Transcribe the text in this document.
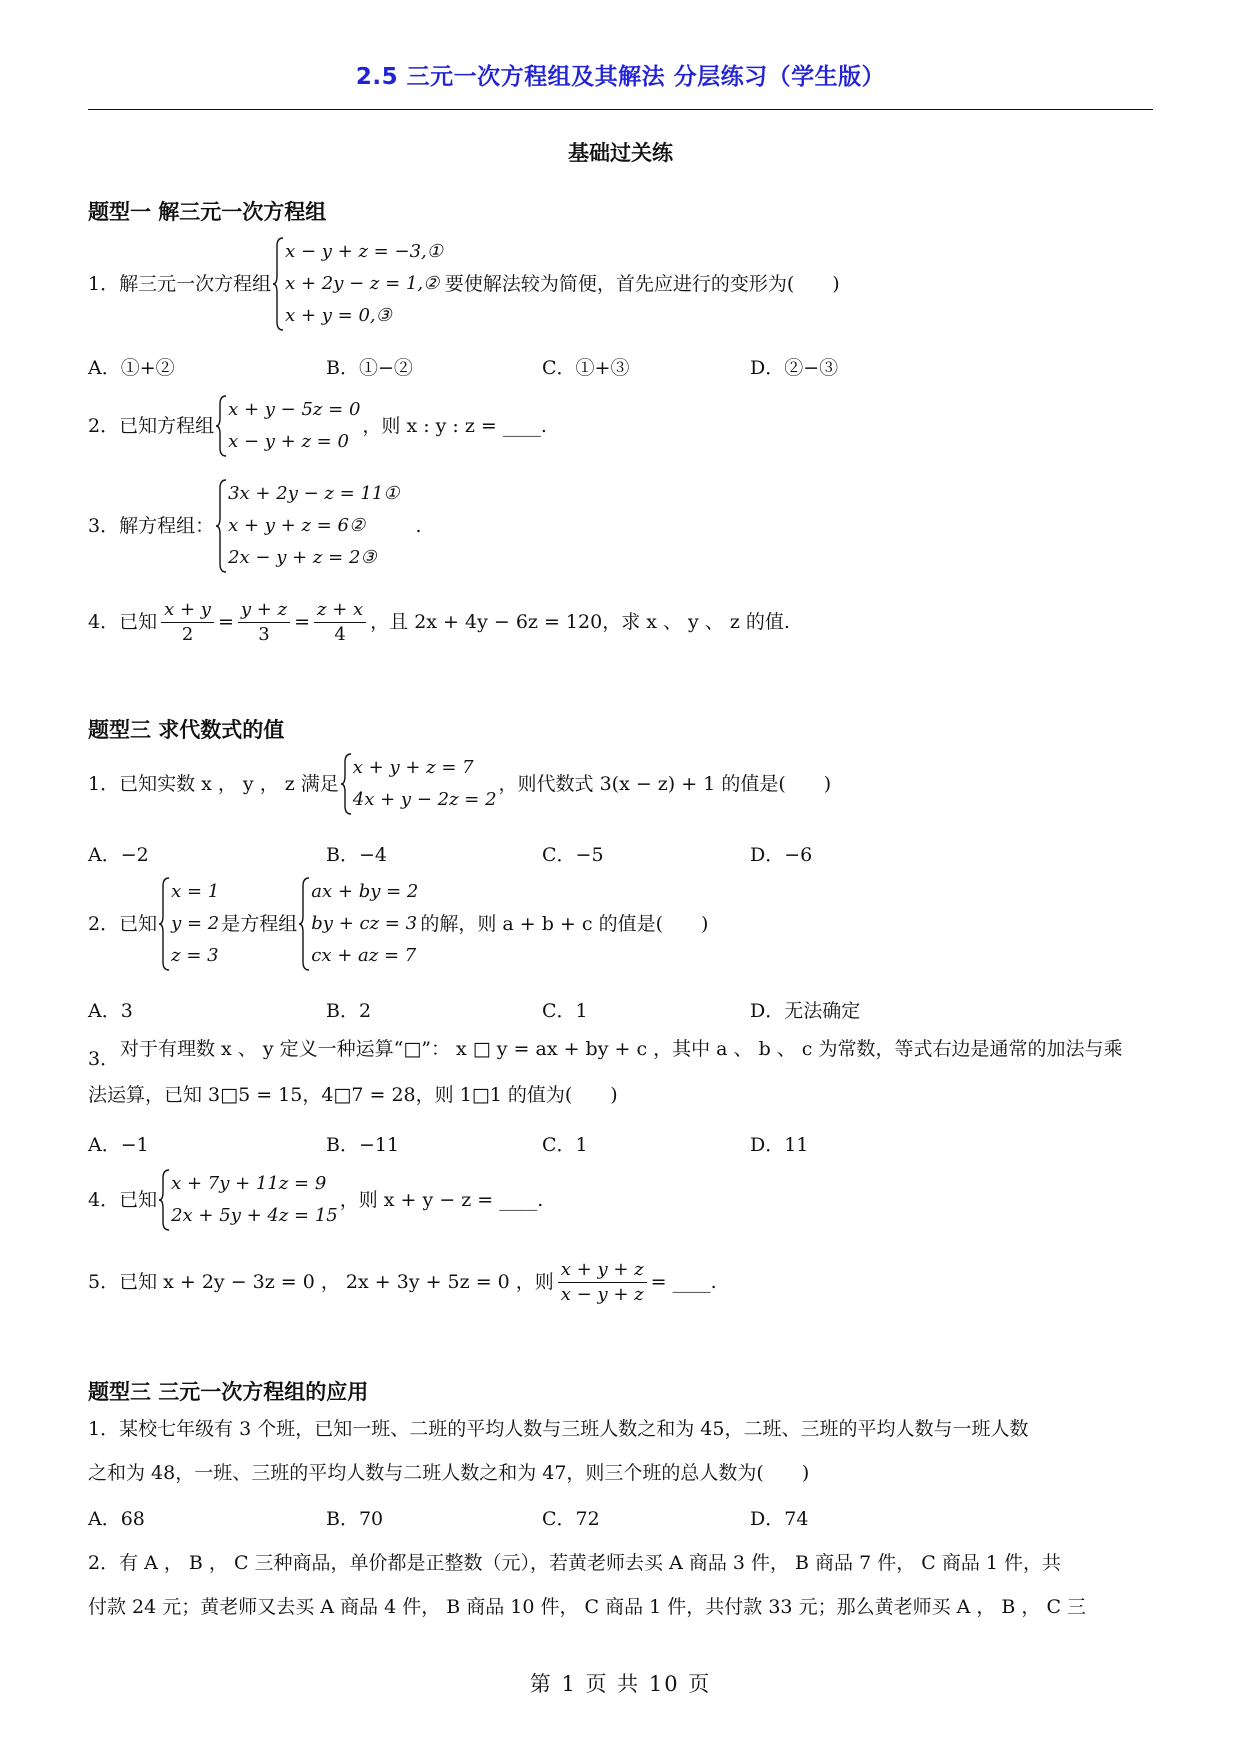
2.5 三元一次方程组及其解法 分层练习（学生版）
基础过关练
题型一 解三元一次方程组
1． 解三元一次方程组
x − y + z = −3,①
x + 2y − z = 1,②
x + y = 0,③
要使解法较为简便，首先应进行的变形为(　　)
A．①+②	B．①−②	C．①+③	D．②−③
2． 已知方程组
x + y − 5z = 0
x − y + z = 0
，则 x : y : z = ____.
3． 解方程组：
3x + 2y − z = 11①
x + y + z = 6②
2x − y + z = 2③
.
4． 已知 $\frac{x + y}{2} = \frac{y + z}{3} = \frac{z + x}{4}$ ，且 2x + 4y − 6z = 120，求 x 、 y 、 z 的值.
题型三 求代数式的值
1． 已知实数 x ， y ， z 满足
x + y + z = 7
4x + y − 2z = 2
，则代数式 3(x − z) + 1 的值是(　　)
A．−2	B．−4	C．−5	D．−6
2． 已知
x = 1
y = 2
z = 3
是方程组
ax + by = 2
by + cz = 3
cx + az = 7
的解，则 a + b + c 的值是(　　)
A．3	B．2	C．1	D．无法确定
3． 对于有理数 x 、 y 定义一种运算“□”： x □ y = ax + by + c ，其中 a 、 b 、 c 为常数，等式右边是通常的加法与乘
法运算，已知 3□5 = 15，4□7 = 28，则 1□1 的值为(　　)
A．−1	B．−11	C．1	D．11
4． 已知
x + 7y + 11z = 9
2x + 5y + 4z = 15
，则 x + y − z = ____.
5． 已知 x + 2y − 3z = 0 ， 2x + 3y + 5z = 0 ，则 $\frac{x + y + z}{x - y + z}$ = ____.
题型三 三元一次方程组的应用
1．某校七年级有 3 个班，已知一班、二班的平均人数与三班人数之和为 45，二班、三班的平均人数与一班人数
之和为 48，一班、三班的平均人数与二班人数之和为 47，则三个班的总人数为(　　)
A．68	B．70	C．72	D．74
2．有 A ， B ， C 三种商品，单价都是正整数（元），若黄老师去买 A 商品 3 件， B 商品 7 件， C 商品 1 件，共
付款 24 元；黄老师又去买 A 商品 4 件， B 商品 10 件， C 商品 1 件，共付款 33 元；那么黄老师买 A ， B ， C 三
第 1 页 共 10 页
